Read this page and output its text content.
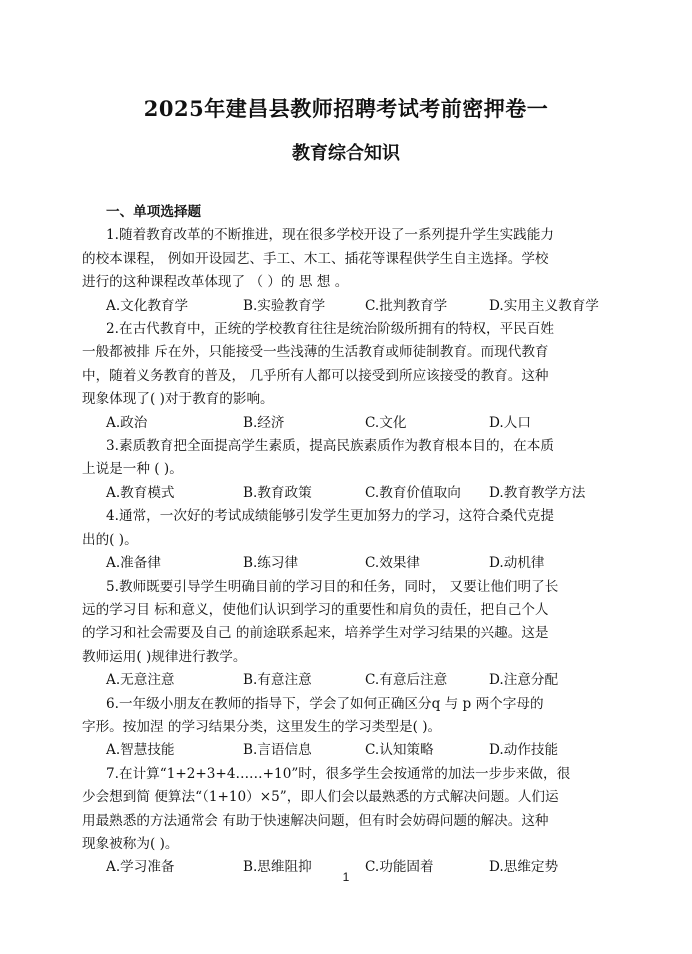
2025年建昌县教师招聘考试考前密押卷一
教育综合知识
一、单项选择题
1.随着教育改革的不断推进，现在很多学校开设了一系列提升学生实践能力
的校本课程， 例如开设园艺、手工、木工、插花等课程供学生自主选择。学校
进行的这种课程改革体现了 （ ）的 思 想 。
A.文化教育学	B.实验教育学	C.批判教育学	D.实用主义教育学
2.在古代教育中，正统的学校教育往往是统治阶级所拥有的特权，平民百姓
一般都被排 斥在外，只能接受一些浅薄的生活教育或师徒制教育。而现代教育
中，随着义务教育的普及， 几乎所有人都可以接受到所应该接受的教育。这种
现象体现了( )对于教育的影响。
A.政治	B.经济	C.文化	D.人口
3.素质教育把全面提高学生素质，提高民族素质作为教育根本目的，在本质
上说是一种 ( )。
A.教育模式	B.教育政策	C.教育价值取向	D.教育教学方法
4.通常，一次好的考试成绩能够引发学生更加努力的学习，这符合桑代克提
出的( )。
A.准备律	B.练习律	C.效果律	D.动机律
5.教师既要引导学生明确目前的学习目的和任务，同时， 又要让他们明了长
远的学习目 标和意义，使他们认识到学习的重要性和肩负的责任，把自己个人
的学习和社会需要及自己 的前途联系起来，培养学生对学习结果的兴趣。这是
教师运用( )规律进行教学。
A.无意注意	B.有意注意	C.有意后注意	D.注意分配
6.一年级小朋友在教师的指导下，学会了如何正确区分q 与 p 两个字母的
字形。按加涅 的学习结果分类，这里发生的学习类型是( )。
A.智慧技能	B.言语信息	C.认知策略	D.动作技能
7.在计算“1+2+3+4……+10”时，很多学生会按通常的加法一步步来做，很
少会想到简 便算法“（1+10）×5”，即人们会以最熟悉的方式解决问题。人们运
用最熟悉的方法通常会 有助于快速解决问题，但有时会妨碍问题的解决。这种
现象被称为( )。
A.学习准备	B.思维阻抑	C.功能固着	D.思维定势
1
